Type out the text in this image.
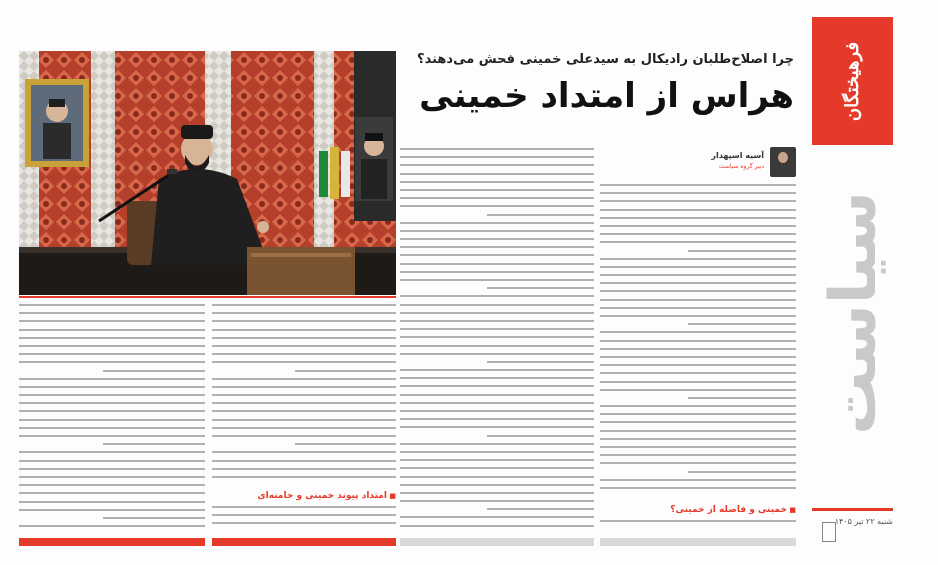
فرهیختگان
سیاست
شنبه ۲۲ تیر ۱۴۰۵
چرا اصلاح‌طلبان رادیکال به سیدعلی خمینی فحش می‌دهند؟
هراس از امتداد خمینی
آسیه اسپهدار
دبیر گروه سیاست
■ خمینی و فاصله از خمینی؟
■ امتداد پیوند خمینی و خامنه‌ای
